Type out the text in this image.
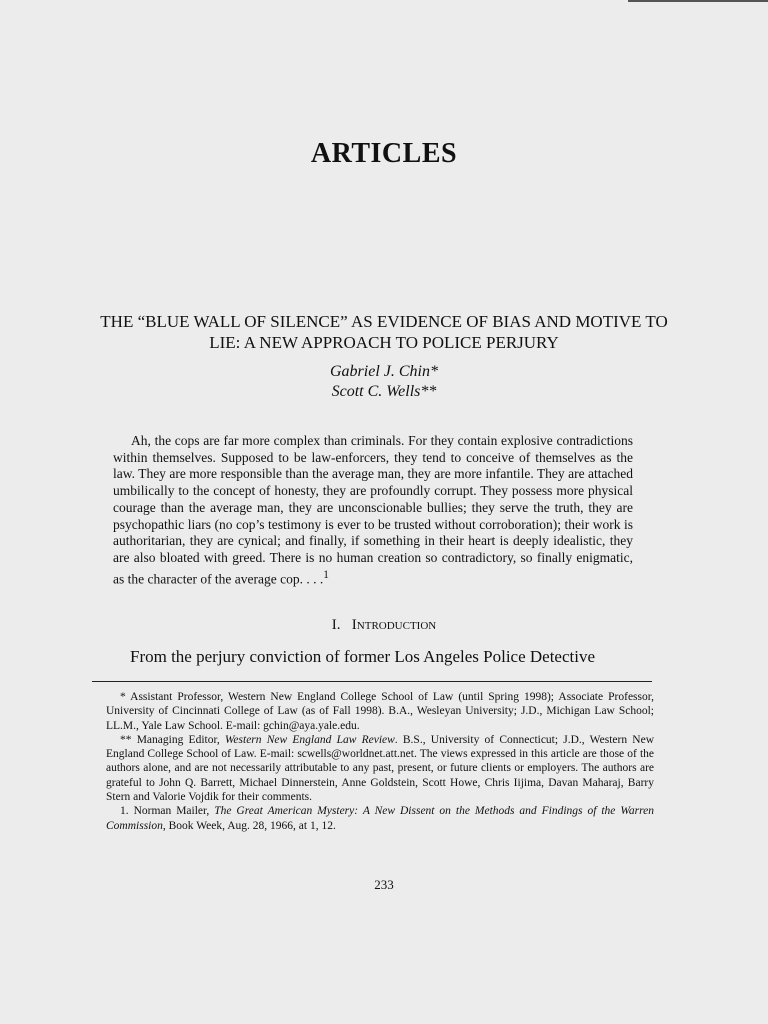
ARTICLES
THE “BLUE WALL OF SILENCE” AS EVIDENCE OF BIAS AND MOTIVE TO LIE: A NEW APPROACH TO POLICE PERJURY
Gabriel J. Chin*
Scott C. Wells**
Ah, the cops are far more complex than criminals. For they contain explosive contradictions within themselves. Supposed to be law-enforcers, they tend to conceive of themselves as the law. They are more responsible than the average man, they are more infantile. They are attached umbilically to the concept of honesty, they are profoundly corrupt. They possess more physical courage than the average man, they are unconscionable bullies; they serve the truth, they are psychopathic liars (no cop’s testimony is ever to be trusted without corroboration); their work is authoritarian, they are cynical; and finally, if something in their heart is deeply idealistic, they are also bloated with greed. There is no human creation so contradictory, so finally enigmatic, as the character of the average cop. . . .$^1$
I. Introduction
From the perjury conviction of former Los Angeles Police Detective

* Assistant Professor, Western New England College School of Law (until Spring 1998); Associate Professor, University of Cincinnati College of Law (as of Fall 1998). B.A., Wesleyan University; J.D., Michigan Law School; LL.M., Yale Law School. E-mail: gchin@aya.yale.edu.

** Managing Editor, Western New England Law Review. B.S., University of Connecticut; J.D., Western New England College School of Law. E-mail: scwells@worldnet.att.net. The views expressed in this article are those of the authors alone, and are not necessarily attributable to any past, present, or future clients or employers. The authors are grateful to John Q. Barrett, Michael Dinnerstein, Anne Goldstein, Scott Howe, Chris Iijima, Davan Maharaj, Barry Stern and Valorie Vojdik for their comments.

1. Norman Mailer, The Great American Mystery: A New Dissent on the Methods and Findings of the Warren Commission, Book Week, Aug. 28, 1966, at 1, 12.

233
